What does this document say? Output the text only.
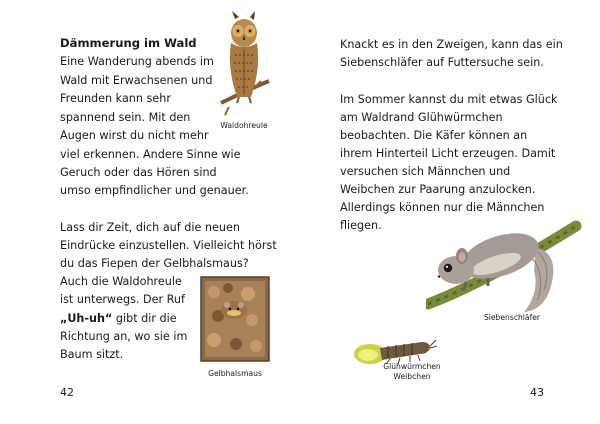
Dämmerung im Wald
Eine Wanderung abends im
Wald mit Erwachsenen und
Freunden kann sehr
spannend sein. Mit den
Augen wirst du nicht mehr
viel erkennen. Andere Sinne wie
Geruch oder das Hören sind
umso empfindlicher und genauer.
Lass dir Zeit, dich auf die neuen
Eindrücke einzustellen. Vielleicht hörst
du das Fiepen der Gelbhalsmaus?
Auch die Waldohreule
ist unterwegs. Der Ruf
„Uh-uh“ gibt dir die
Richtung an, wo sie im
Baum sitzt.
Waldohreule
Gelbhalsmaus
42
Knackt es in den Zweigen, kann das ein
Siebenschläfer auf Futtersuche sein.
Im Sommer kannst du mit etwas Glück
am Waldrand Glühwürmchen
beobachten. Die Käfer können an
ihrem Hinterteil Licht erzeugen. Damit
versuchen sich Männchen und
Weibchen zur Paarung anzulocken.
Allerdings können nur die Männchen
fliegen.
Siebenschläfer
Glühwürmchen
Weibchen
43
